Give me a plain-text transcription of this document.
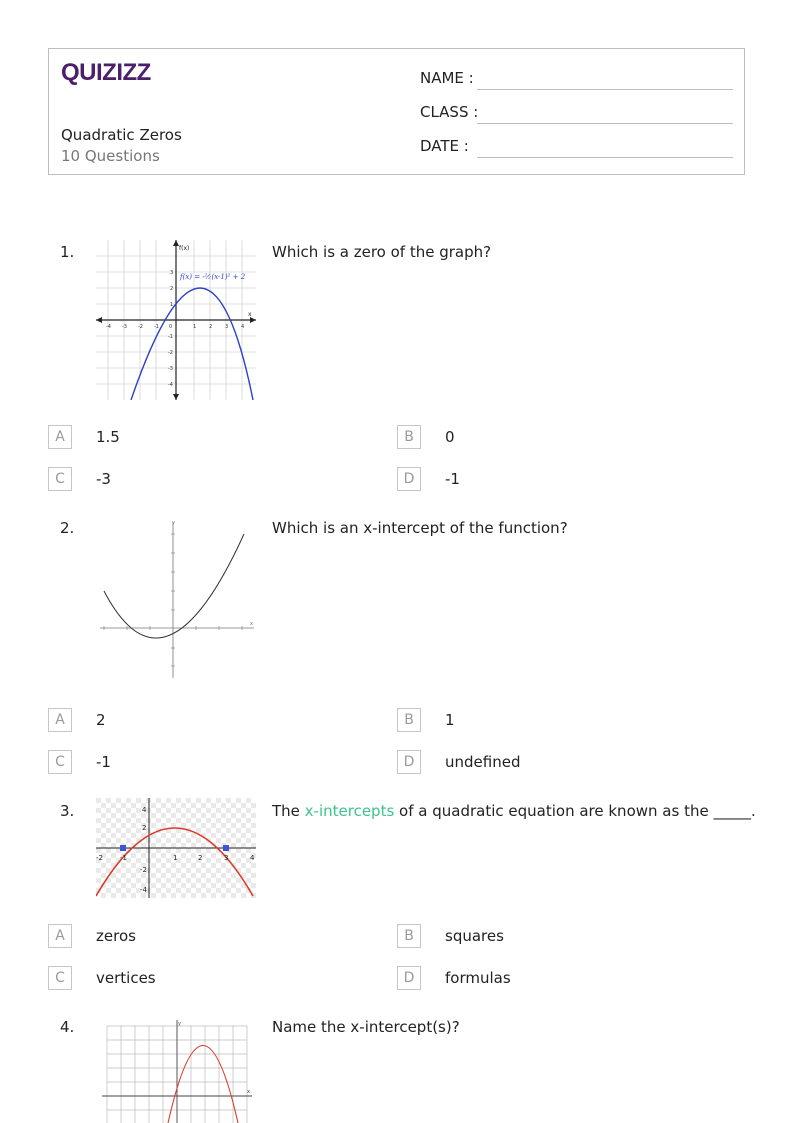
QUIZIZZ
Quadratic Zeros
10 Questions
NAME :
CLASS :
DATE :
1.	Which is a zero of the graph?
f(x)
x
f(x) = -½(x-1)² + 2
-4 -3 -2 -1 0	1	2	3	4
3
2
1
-1
-2
-3
-4
A	1.5	B	0
C	-3	D	-1
2.	Which is an x-intercept of the function?
y
x
A	2	B	1
C	-1	D	undefined
3.	The x-intercepts of a quadratic equation are known as the _____.
-2 -1	1	2	3	4
4
2
-2
-4
A	zeros	B	squares
C	vertices	D	formulas
4.	Name the x-intercept(s)?
y
x
